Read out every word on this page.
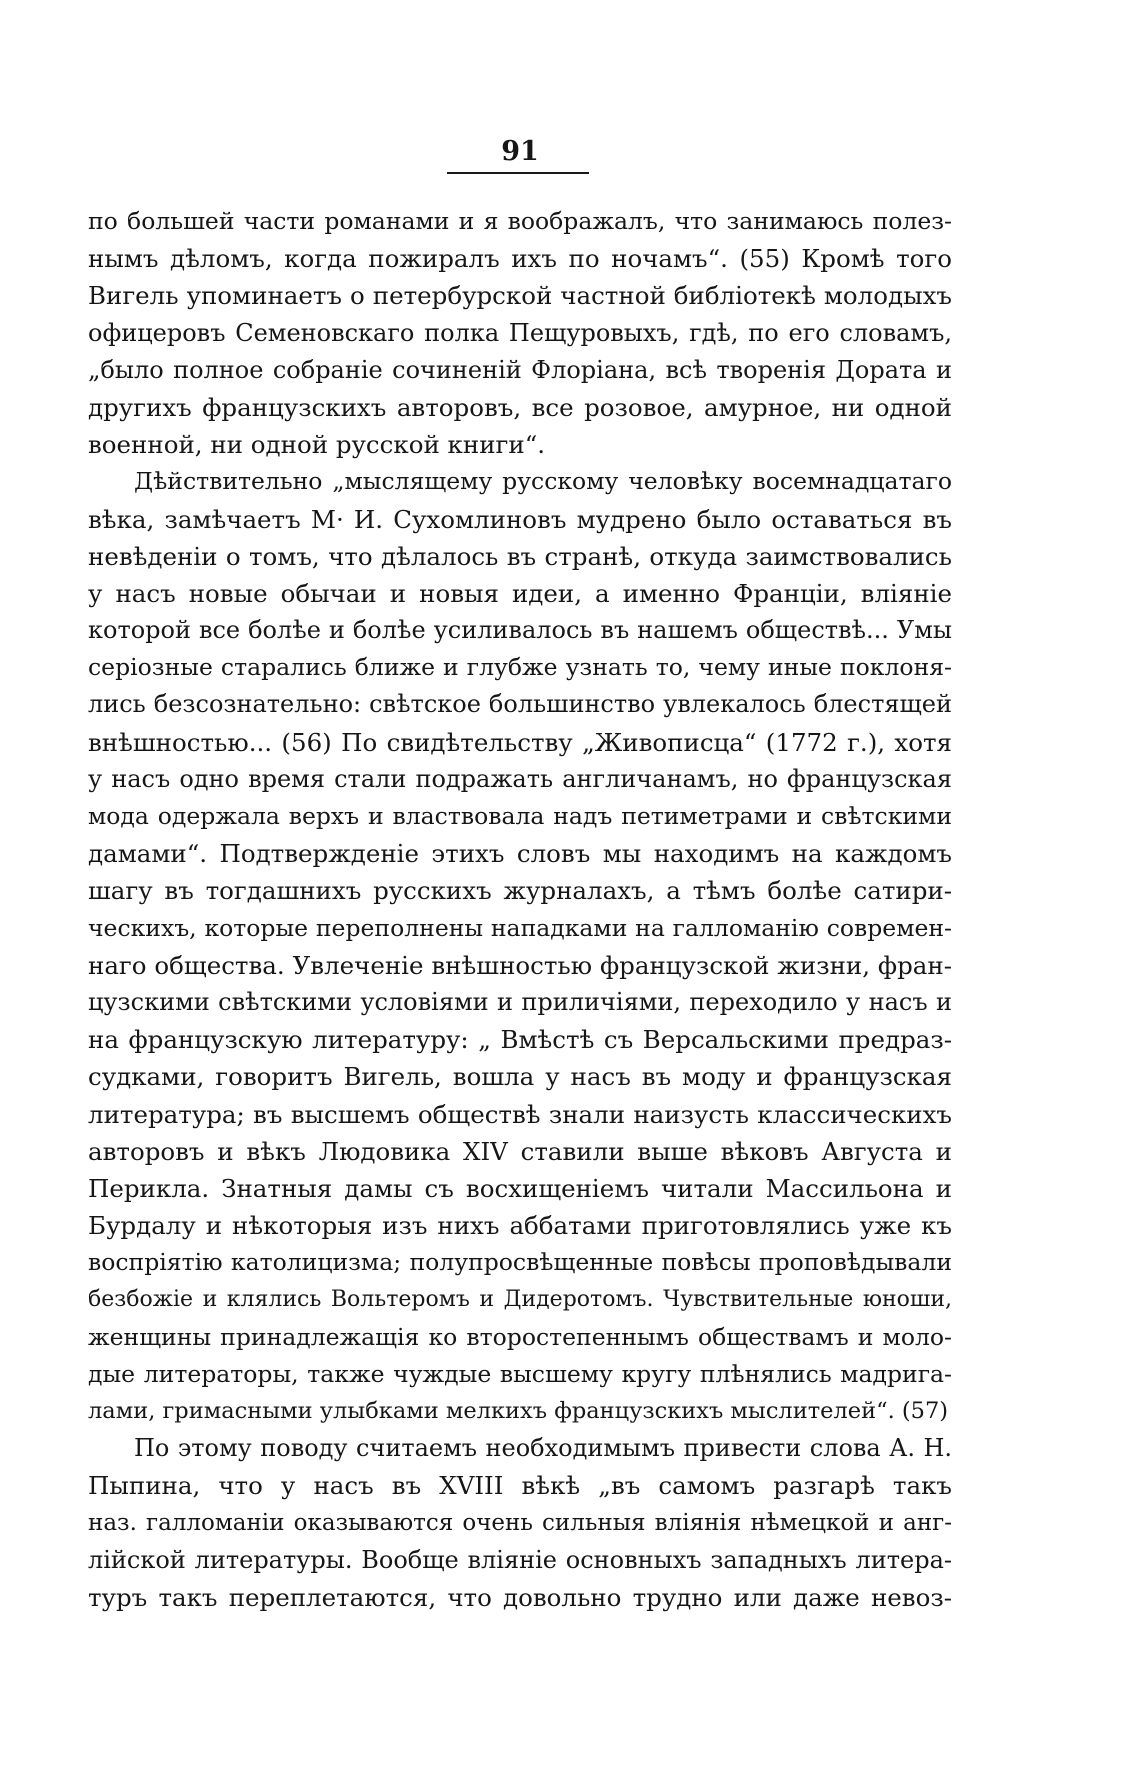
91
по большей части романами и я воображалъ, что занимаюсь полез-
нымъ дѣломъ, когда пожиралъ ихъ по ночамъ“. (55) Кромѣ того
Вигель упоминаетъ о петербурской частной библіотекѣ молодыхъ
офицеровъ Семеновскаго полка Пещуровыхъ, гдѣ, по его словамъ,
„было полное собраніе сочиненій Флоріана, всѣ творенія Дората и
другихъ французскихъ авторовъ, все розовое, амурное, ни одной
военной, ни одной русской книги“.
Дѣйствительно „мыслящему русскому человѣку восемнадцатаго
вѣка, замѣчаетъ М· И. Сухомлиновъ мудрено было оставаться въ
невѣденіи о томъ, что дѣлалось въ странѣ, откуда заимствовались
у насъ новые обычаи и новыя идеи, а именно Франціи, вліяніе
которой все болѣе и болѣе усиливалось въ нашемъ обществѣ... Умы
серіозные старались ближе и глубже узнать то, чему иные поклоня-
лись безсознательно: свѣтское большинство увлекалось блестящей
внѣшностью... (56) По свидѣтельству „Живописца“ (1772 г.), хотя
у насъ одно время стали подражать англичанамъ, но французская
мода одержала верхъ и властвовала надъ петиметрами и свѣтскими
дамами“. Подтвержденіе этихъ словъ мы находимъ на каждомъ
шагу въ тогдашнихъ русскихъ журналахъ, а тѣмъ болѣе сатири-
ческихъ, которые переполнены нападками на галломанію современ-
наго общества. Увлеченіе внѣшностью французской жизни, фран-
цузскими свѣтскими условіями и приличіями, переходило у насъ и
на французскую литературу: „ Вмѣстѣ съ Версальскими предраз-
судками, говоритъ Вигель, вошла у насъ въ моду и французская
литература; въ высшемъ обществѣ знали наизусть классическихъ
авторовъ и вѣкъ Людовика XIV ставили выше вѣковъ Августа и
Перикла. Знатныя дамы съ восхищеніемъ читали Массильона и
Бурдалу и нѣкоторыя изъ нихъ аббатами приготовлялись уже къ
воспріятію католицизма; полупросвѣщенные повѣсы проповѣдывали
безбожіе и клялись Вольтеромъ и Дидеротомъ. Чувствительные юноши,
женщины принадлежащія ко второстепеннымъ обществамъ и моло-
дые литераторы, также чуждые высшему кругу плѣнялись мадрига-
лами, гримасными улыбками мелкихъ французскихъ мыслителей“. (57)
По этому поводу считаемъ необходимымъ привести слова А. Н.
Пыпина, что у насъ въ XVIII вѣкѣ „въ самомъ разгарѣ такъ
наз. галломаніи оказываются очень сильныя вліянія нѣмецкой и анг-
лійской литературы. Вообще вліяніе основныхъ западныхъ литера-
туръ такъ переплетаются, что довольно трудно или даже невоз-
